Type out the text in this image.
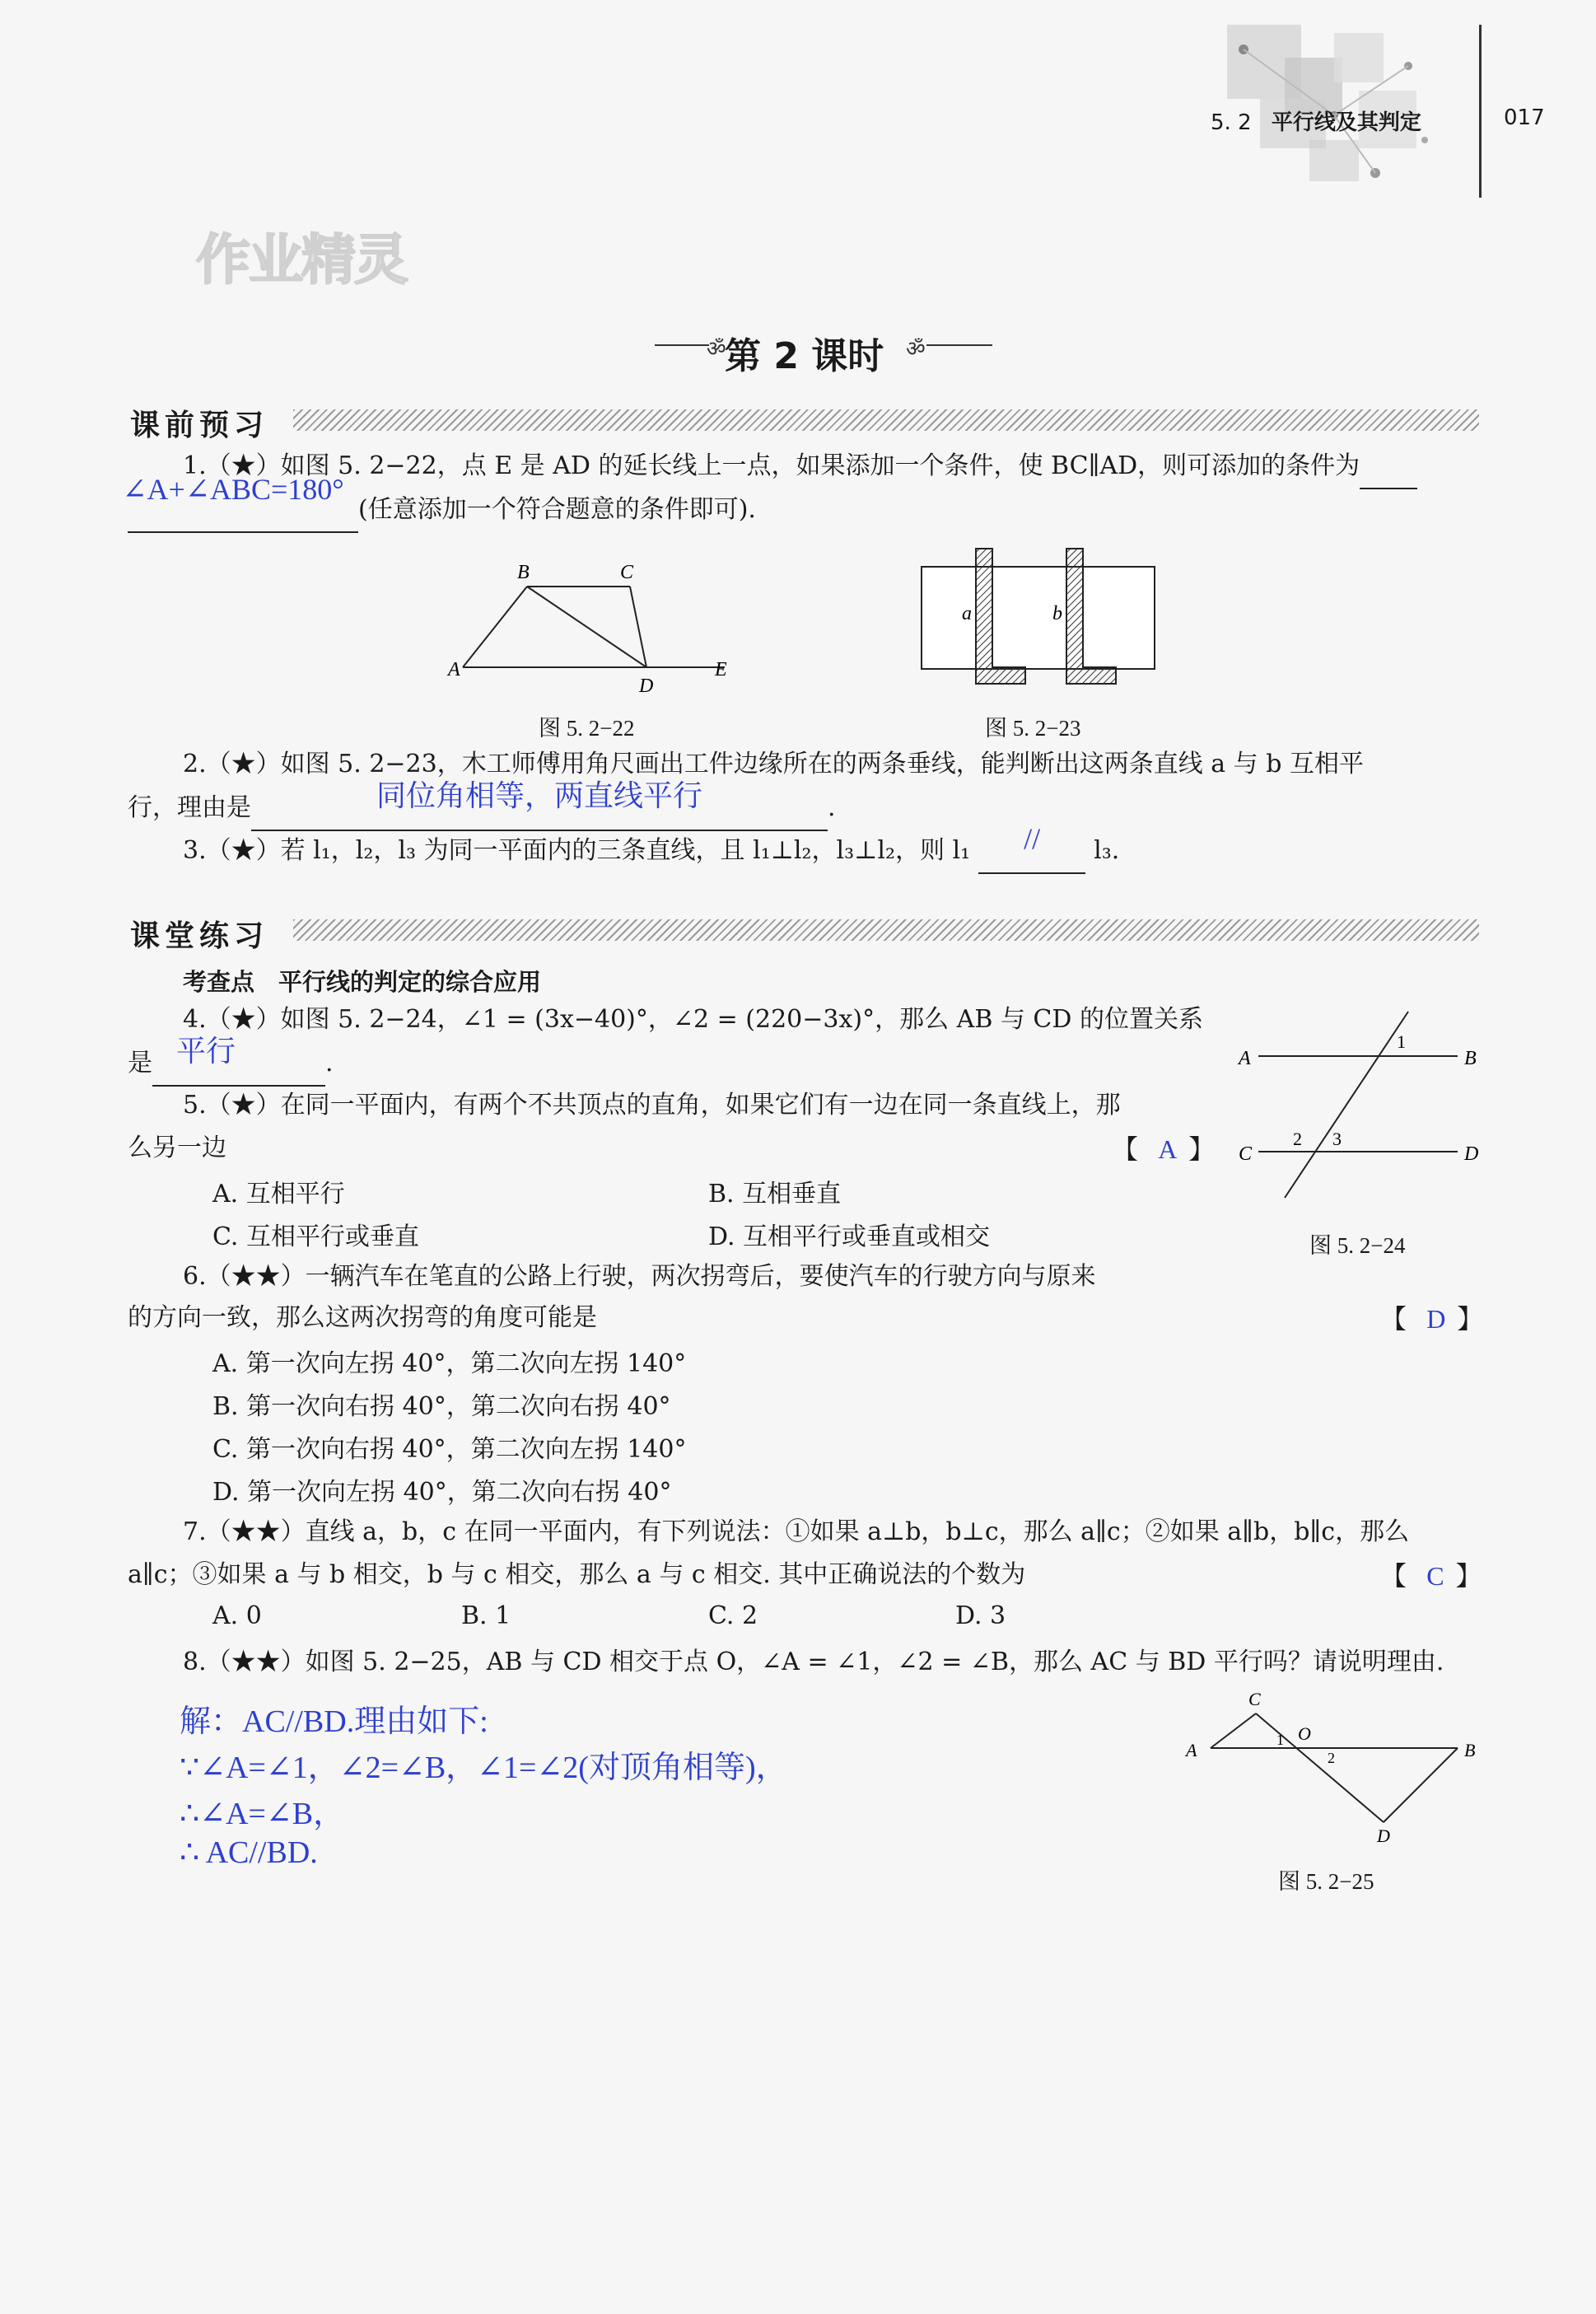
5. 2 平行线及其判定	017
作业精灵
ॐ
第 2 课时 ॐ
课前预习
1.（★）如图 5. 2−22，点 E 是 AD 的延长线上一点，如果添加一个条件，使 BC∥AD，则可添加的条件为
∠A+∠ABC=180°(任意添加一个符合题意的条件即可).
B	C
A
D
E
图 5. 2−22
a	b
图 5. 2−23
2.（★）如图 5. 2−23，木工师傅用角尺画出工件边缘所在的两条垂线，能判断出这两条直线 a 与 b 互相平
行，理由是	同位角相等，两直线平行	.
3.（★）若 l₁，l₂，l₃ 为同一平面内的三条直线，且 l₁⊥l₂，l₃⊥l₂，则 l₁ // l₃.
课堂练习
考查点　平行线的判定的综合应用
4.（★）如图 5. 2−24，∠1 = (3x−40)°，∠2 = (220−3x)°，那么 AB 与 CD 的位置关系
是 平行	.	A	B
1
C
2 3
D
图 5. 2−24
5.（★）在同一平面内，有两个不共顶点的直角，如果它们有一边在同一条直线上，那
么另一边	【 A 】
A. 互相平行	B. 互相垂直
C. 互相平行或垂直	D. 互相平行或垂直或相交
6.（★★）一辆汽车在笔直的公路上行驶，两次拐弯后，要使汽车的行驶方向与原来
的方向一致，那么这两次拐弯的角度可能是	【 D 】
A. 第一次向左拐 40°，第二次向左拐 140°
B. 第一次向右拐 40°，第二次向右拐 40°
C. 第一次向右拐 40°，第二次向左拐 140°
D. 第一次向左拐 40°，第二次向右拐 40°
7.（★★）直线 a，b，c 在同一平面内，有下列说法：①如果 a⊥b，b⊥c，那么 a∥c；②如果 a∥b，b∥c，那么
a∥c；③如果 a 与 b 相交，b 与 c 相交，那么 a 与 c 相交. 其中正确说法的个数为	【 C 】
A. 0	B. 1	C. 2	D. 3
8.（★★）如图 5. 2−25，AB 与 CD 相交于点 O，∠A = ∠1，∠2 = ∠B，那么 AC 与 BD 平行吗？请说明理由.
解：AC//BD.理由如下:
∵∠A=∠1，∠2=∠B，∠1=∠2(对顶角相等)，
∴∠A=∠B，
∴ AC//BD.
C
O
A	1
2	B
D
图 5. 2−25
